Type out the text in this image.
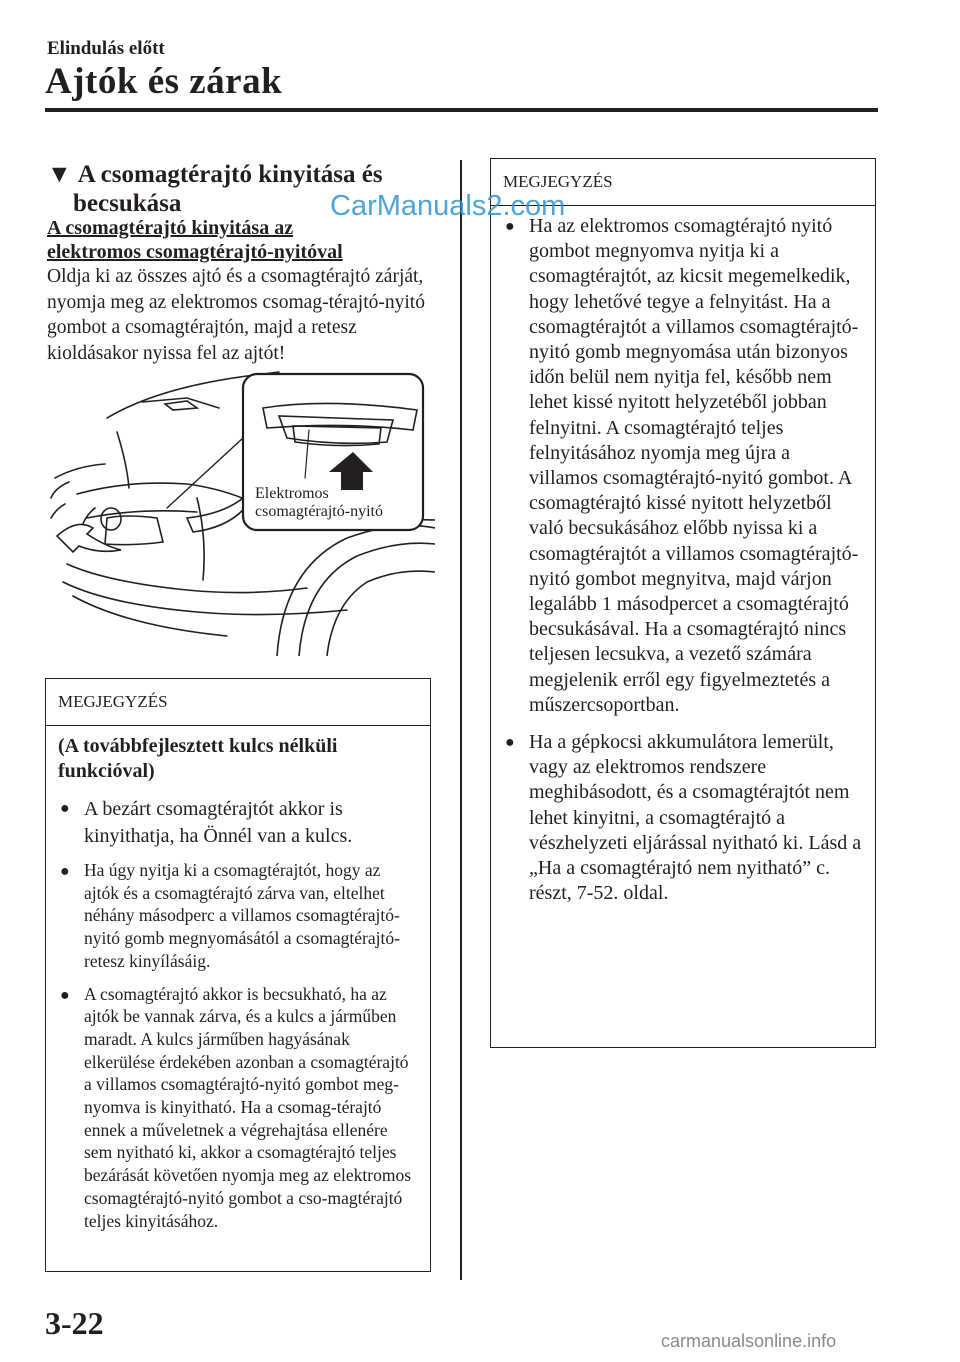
Elindulás előtt
Ajtók és zárak
▼ A csomagtérajtó kinyitása és
becsukása
A csomagtérajtó kinyitása az
elektromos csomagtérajtó-nyitóval
Oldja ki az összes ajtó és a csomagtérajtó zárját, nyomja meg az elektromos csomag-térajtó-nyitó gombot a csomagtérajtón, majd a retesz kioldásakor nyissa fel az ajtót!
Elektromos
csomagtérajtó-nyitó
MEGJEGYZÉS
(A továbbfejlesztett kulcs nélküli funkcióval)
● A bezárt csomagtérajtót akkor is kinyithatja, ha Önnél van a kulcs.
● Ha úgy nyitja ki a csomagtérajtót, hogy az ajtók és a csomagtérajtó zárva van, eltelhet néhány másodperc a villamos csomagtérajtó-nyitó gomb megnyomásától a csomagtérajtó-retesz kinyílásáig.
● A csomagtérajtó akkor is becsukható, ha az ajtók be vannak zárva, és a kulcs a járműben maradt. A kulcs járműben hagyásának elkerülése érdekében azonban a csomagtérajtó a villamos csomagtérajtó-nyitó gombot meg-nyomva is kinyitható. Ha a csomag-térajtó ennek a műveletnek a végrehajtása ellenére sem nyitható ki, akkor a csomagtérajtó teljes bezárását követően nyomja meg az elektromos csomagtérajtó-nyitó gombot a cso-magtérajtó teljes kinyitásához.
MEGJEGYZÉS
● Ha az elektromos csomagtérajtó nyitó gombot megnyomva nyitja ki a csomagtérajtót, az kicsit megemelkedik, hogy lehetővé tegye a felnyitást. Ha a csomagtérajtót a villamos csomagtérajtó-nyitó gomb megnyomása után bizonyos időn belül nem nyitja fel, később nem lehet kissé nyitott helyzetéből jobban felnyitni. A csomagtérajtó teljes felnyitásához nyomja meg újra a villamos csomagtérajtó-nyitó gombot. A csomagtérajtó kissé nyitott helyzetből való becsukásához előbb nyissa ki a csomagtérajtót a villamos csomagtérajtó-nyitó gombot megnyitva, majd várjon legalább 1 másodpercet a csomagtérajtó becsukásával. Ha a csomagtérajtó nincs teljesen lecsukva, a vezető számára megjelenik erről egy figyelmeztetés a műszercsoportban.
● Ha a gépkocsi akkumulátora lemerült, vagy az elektromos rendszere meghibásodott, és a csomagtérajtót nem lehet kinyitni, a csomagtérajtó a vészhelyzeti eljárással nyitható ki. Lásd a „Ha a csomagtérajtó nem nyitható” c. részt, 7-52. oldal.
3-22
CarManuals2.com
carmanualsonline.info
